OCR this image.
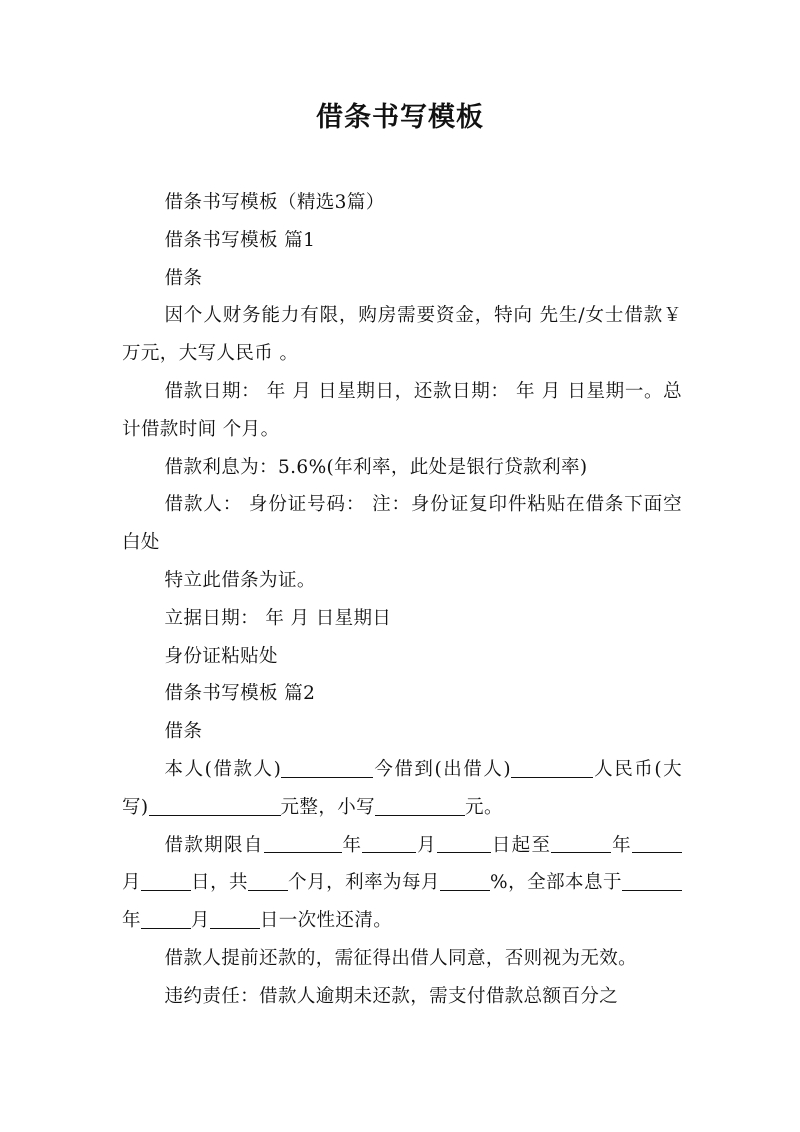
借条书写模板

借条书写模板（精选3篇）

借条书写模板 篇1

借条

因个人财务能力有限，购房需要资金，特向 先生/女士借款￥ 万元，大写人民币 。

借款日期： 年 月 日星期日，还款日期： 年 月 日星期一。总计借款时间 个月。

借款利息为：5.6%(年利率，此处是银行贷款利率)

借款人： 身份证号码： 注：身份证复印件粘贴在借条下面空白处

特立此借条为证。

立据日期： 年 月 日星期日

身份证粘贴处

借条书写模板 篇2

借条

本人(借款人)	今借到(出借人)	人民币(大写)	元整，小写	元。

借款期限自	年	月	日起至	年月	日，共 个月，利率为每月	%，全部本息于年	月	日一次性还清。

借款人提前还款的，需征得出借人同意，否则视为无效。

违约责任：借款人逾期未还款，需支付借款总额百分之
